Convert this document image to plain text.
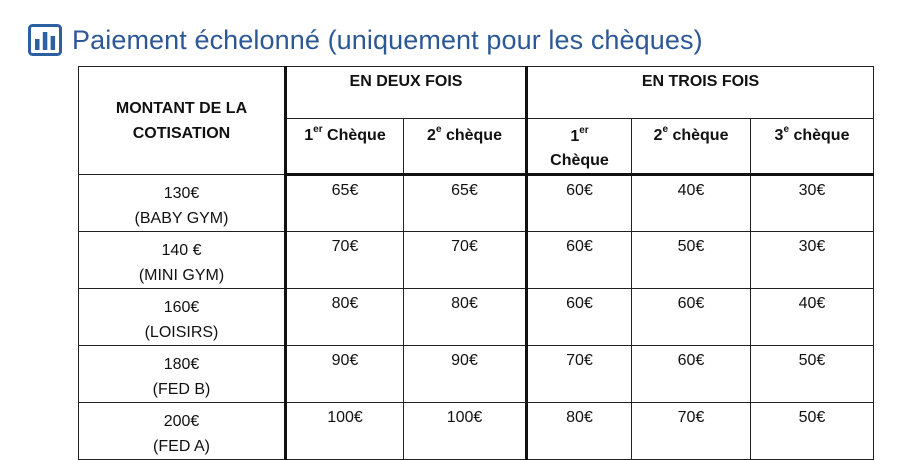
Paiement échelonné (uniquement pour les chèques)
MONTANT DE LA COTISATION	EN DEUX FOIS		EN TROIS FOIS		
	1er Chèque	2e chèque	1er
Chèque	2e chèque	3e chèque

130€
(BABY GYM)	65€	65€	60€	40€	30€

140 €
(MINI GYM)	70€	70€	60€	50€	30€

160€
(LOISIRS)	80€	80€	60€	60€	40€

180€
(FED B)	90€	90€	70€	60€	50€

200€
(FED A)	100€	100€	80€	70€	50€
